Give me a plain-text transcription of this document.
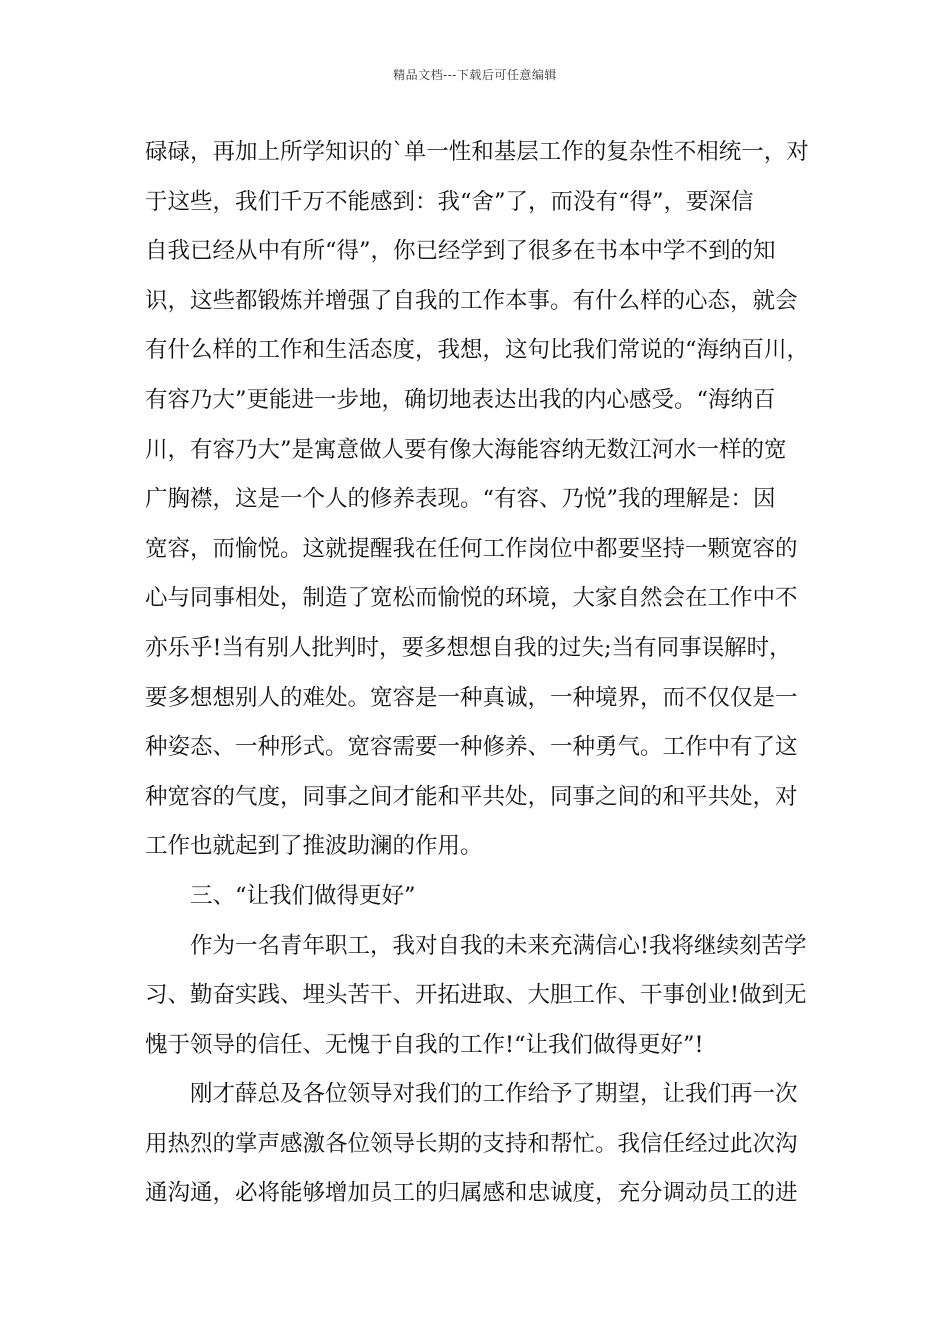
精品文档---下载后可任意编辑
碌碌，再加上所学知识的`单一性和基层工作的复杂性不相统一，对
于这些，我们千万不能感到：我“舍”了，而没有“得”，要深信
自我已经从中有所“得”，你已经学到了很多在书本中学不到的知
识，这些都锻炼并增强了自我的工作本事。有什么样的心态，就会
有什么样的工作和生活态度，我想，这句比我们常说的“海纳百川，
有容乃大”更能进一步地，确切地表达出我的内心感受。“海纳百
川，有容乃大”是寓意做人要有像大海能容纳无数江河水一样的宽
广胸襟，这是一个人的修养表现。“有容、乃悦”我的理解是：因
宽容，而愉悦。这就提醒我在任何工作岗位中都要坚持一颗宽容的
心与同事相处，制造了宽松而愉悦的环境，大家自然会在工作中不
亦乐乎!当有别人批判时，要多想想自我的过失;当有同事误解时，
要多想想别人的难处。宽容是一种真诚，一种境界，而不仅仅是一
种姿态、一种形式。宽容需要一种修养、一种勇气。工作中有了这
种宽容的气度，同事之间才能和平共处，同事之间的和平共处，对
工作也就起到了推波助澜的作用。
三、“让我们做得更好”
作为一名青年职工，我对自我的未来充满信心!我将继续刻苦学
习、勤奋实践、埋头苦干、开拓进取、大胆工作、干事创业!做到无
愧于领导的信任、无愧于自我的工作!“让我们做得更好”!
刚才薛总及各位领导对我们的工作给予了期望，让我们再一次
用热烈的掌声感激各位领导长期的支持和帮忙。我信任经过此次沟
通沟通，必将能够增加员工的归属感和忠诚度，充分调动员工的进
